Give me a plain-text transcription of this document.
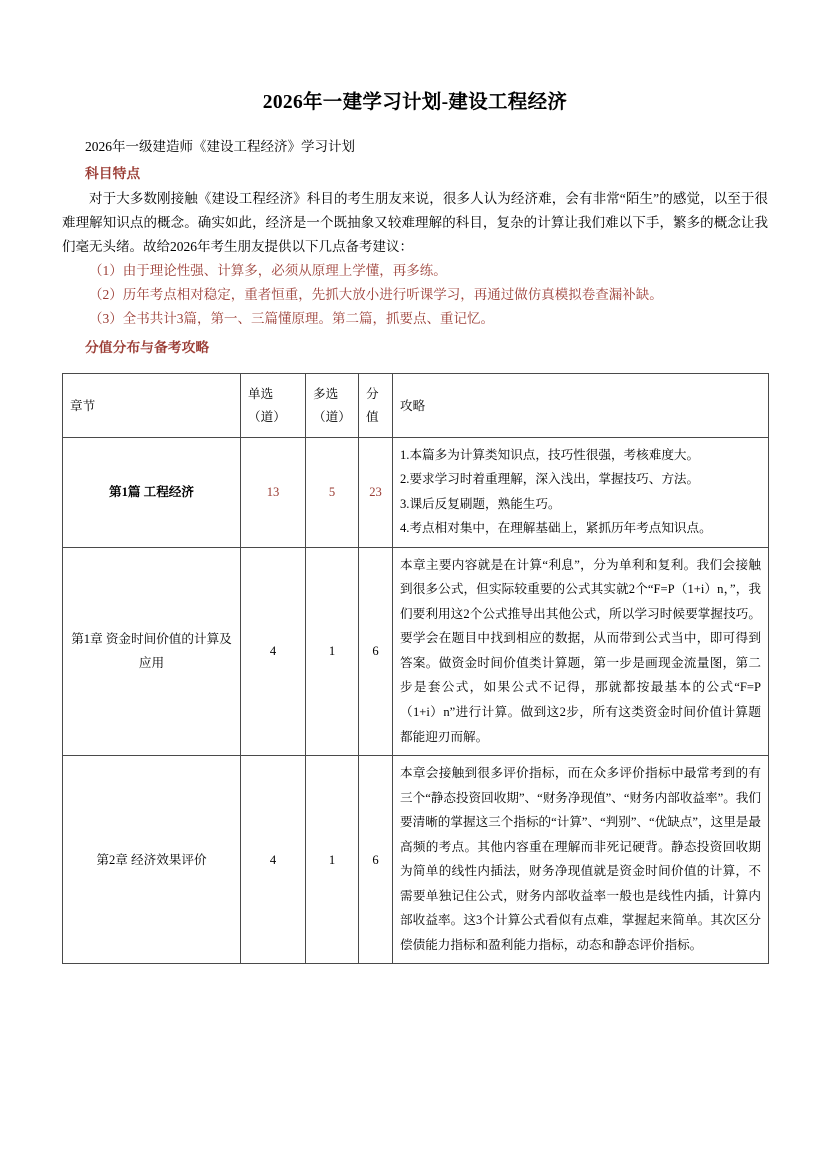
2026年一建学习计划-建设工程经济

2026年一级建造师《建设工程经济》学习计划

科目特点

对于大多数刚接触《建设工程经济》科目的考生朋友来说，很多人认为经济难，会有非常“陌生”的感觉，以至于很难理解知识点的概念。确实如此，经济是一个既抽象又较难理解的科目，复杂的计算让我们难以下手，繁多的概念让我们毫无头绪。故给2026年考生朋友提供以下几点备考建议：

（1）由于理论性强、计算多，必须从原理上学懂，再多练。

（2）历年考点相对稳定，重者恒重，先抓大放小进行听课学习，再通过做仿真模拟卷查漏补缺。

（3）全书共计3篇，第一、三篇懂原理。第二篇，抓要点、重记忆。

分值分布与备考攻略

章节	单选（道）	多选（道）	分值	攻略
第1篇 工程经济	13	5	23	1.本篇多为计算类知识点，技巧性很强，考核难度大。

2.要求学习时着重理解，深入浅出，掌握技巧、方法。

3.课后反复刷题，熟能生巧。

4.考点相对集中，在理解基础上，紧抓历年考点知识点。

第1章 资金时间价值的计算及应用	4	1	6	本章主要内容就是在计算“利息”，分为单利和复利。我们会接触到很多公式，但实际较重要的公式其实就2个“F=P（1+i）n，”，我们要利用这2个公式推导出其他公式，所以学习时候要掌握技巧。要学会在题目中找到相应的数据，从而带到公式当中，即可得到答案。做资金时间价值类计算题，第一步是画现金流量图，第二步是套公式，如果公式不记得，那就都按最基本的公式“F=P（1+i）n”进行计算。做到这2步，所有这类资金时间价值计算题都能迎刃而解。

第2章 经济效果评价	4	1	6	本章会接触到很多评价指标，而在众多评价指标中最常考到的有三个“静态投资回收期”、“财务净现值”、“财务内部收益率”。我们要清晰的掌握这三个指标的“计算”、“判别”、“优缺点”，这里是最高频的考点。其他内容重在理解而非死记硬背。静态投资回收期为简单的线性内插法，财务净现值就是资金时间价值的计算，不需要单独记住公式，财务内部收益率一般也是线性内插，计算内部收益率。这3个计算公式看似有点难，掌握起来简单。其次区分偿债能力指标和盈利能力指标，动态和静态评价指标。
